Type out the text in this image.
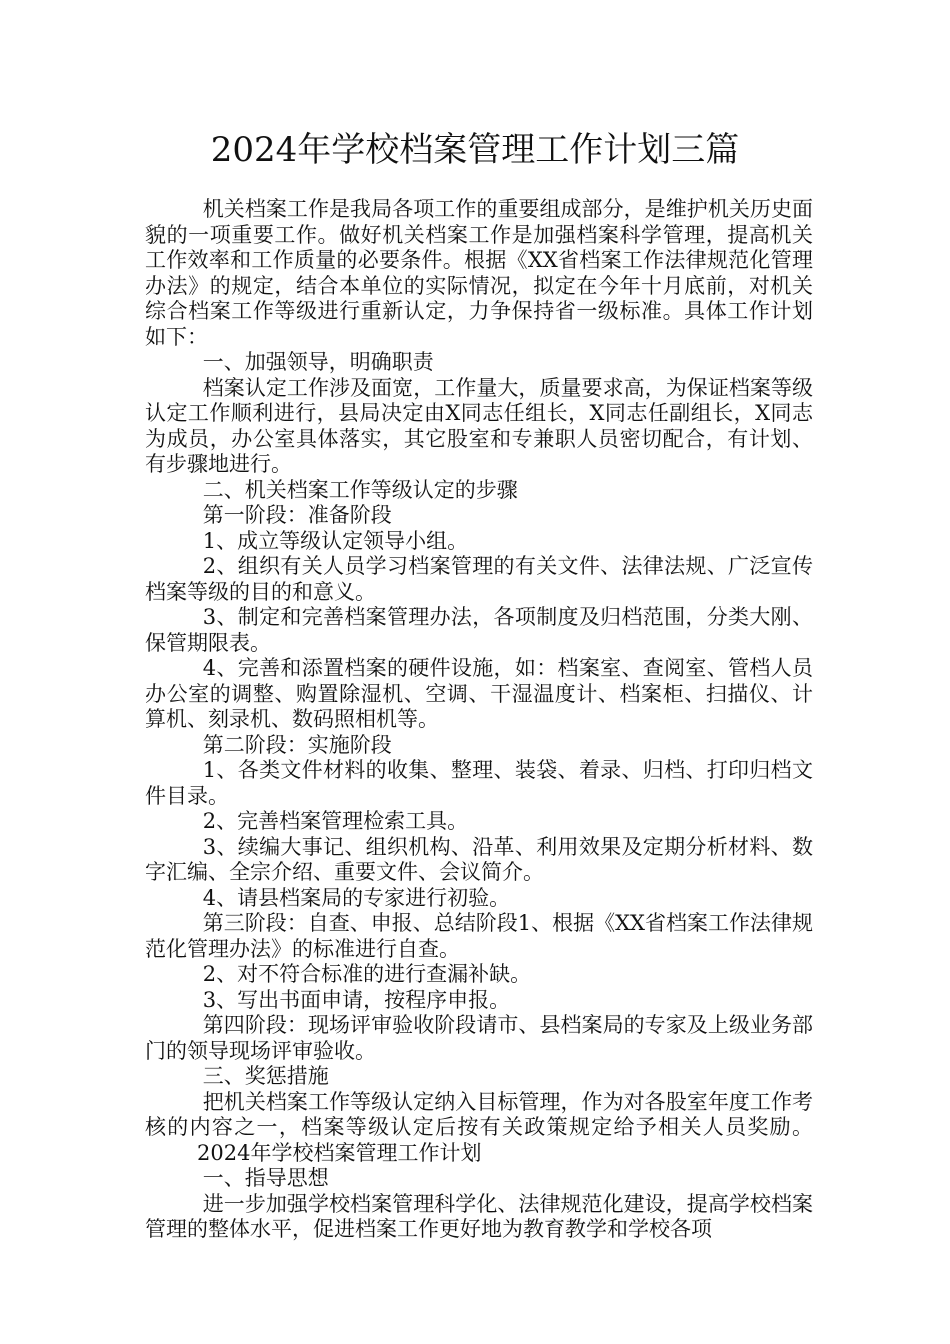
2024年学校档案管理工作计划三篇

机关档案工作是我局各项工作的重要组成部分，是维护机关历史面貌的一项重要工作。做好机关档案工作是加强档案科学管理，提高机关工作效率和工作质量的必要条件。根据《XX省档案工作法律规范化管理办法》的规定，结合本单位的实际情况，拟定在今年十月底前，对机关综合档案工作等级进行重新认定，力争保持省一级标准。具体工作计划如下：

一、加强领导，明确职责

档案认定工作涉及面宽，工作量大，质量要求高，为保证档案等级认定工作顺利进行，县局决定由X同志任组长，X同志任副组长，X同志为成员，办公室具体落实，其它股室和专兼职人员密切配合，有计划、有步骤地进行。

二、机关档案工作等级认定的步骤

第一阶段：准备阶段

1、成立等级认定领导小组。

2、组织有关人员学习档案管理的有关文件、法律法规、广泛宣传档案等级的目的和意义。

3、制定和完善档案管理办法，各项制度及归档范围，分类大刚、保管期限表。

4、完善和添置档案的硬件设施，如：档案室、查阅室、管档人员办公室的调整、购置除湿机、空调、干湿温度计、档案柜、扫描仪、计算机、刻录机、数码照相机等。

第二阶段：实施阶段

1、各类文件材料的收集、整理、装袋、着录、归档、打印归档文件目录。

2、完善档案管理检索工具。

3、续编大事记、组织机构、沿革、利用效果及定期分析材料、数字汇编、全宗介绍、重要文件、会议简介。

4、请县档案局的专家进行初验。

第三阶段：自查、申报、总结阶段1、根据《XX省档案工作法律规范化管理办法》的标准进行自查。

2、对不符合标准的进行查漏补缺。

3、写出书面申请，按程序申报。

第四阶段：现场评审验收阶段请市、县档案局的专家及上级业务部门的领导现场评审验收。

三、奖惩措施

把机关档案工作等级认定纳入目标管理，作为对各股室年度工作考核的内容之一，档案等级认定后按有关政策规定给予相关人员奖励。2024年学校档案管理工作计划

一、指导思想

进一步加强学校档案管理科学化、法律规范化建设，提高学校档案管理的整体水平，促进档案工作更好地为教育教学和学校各项
